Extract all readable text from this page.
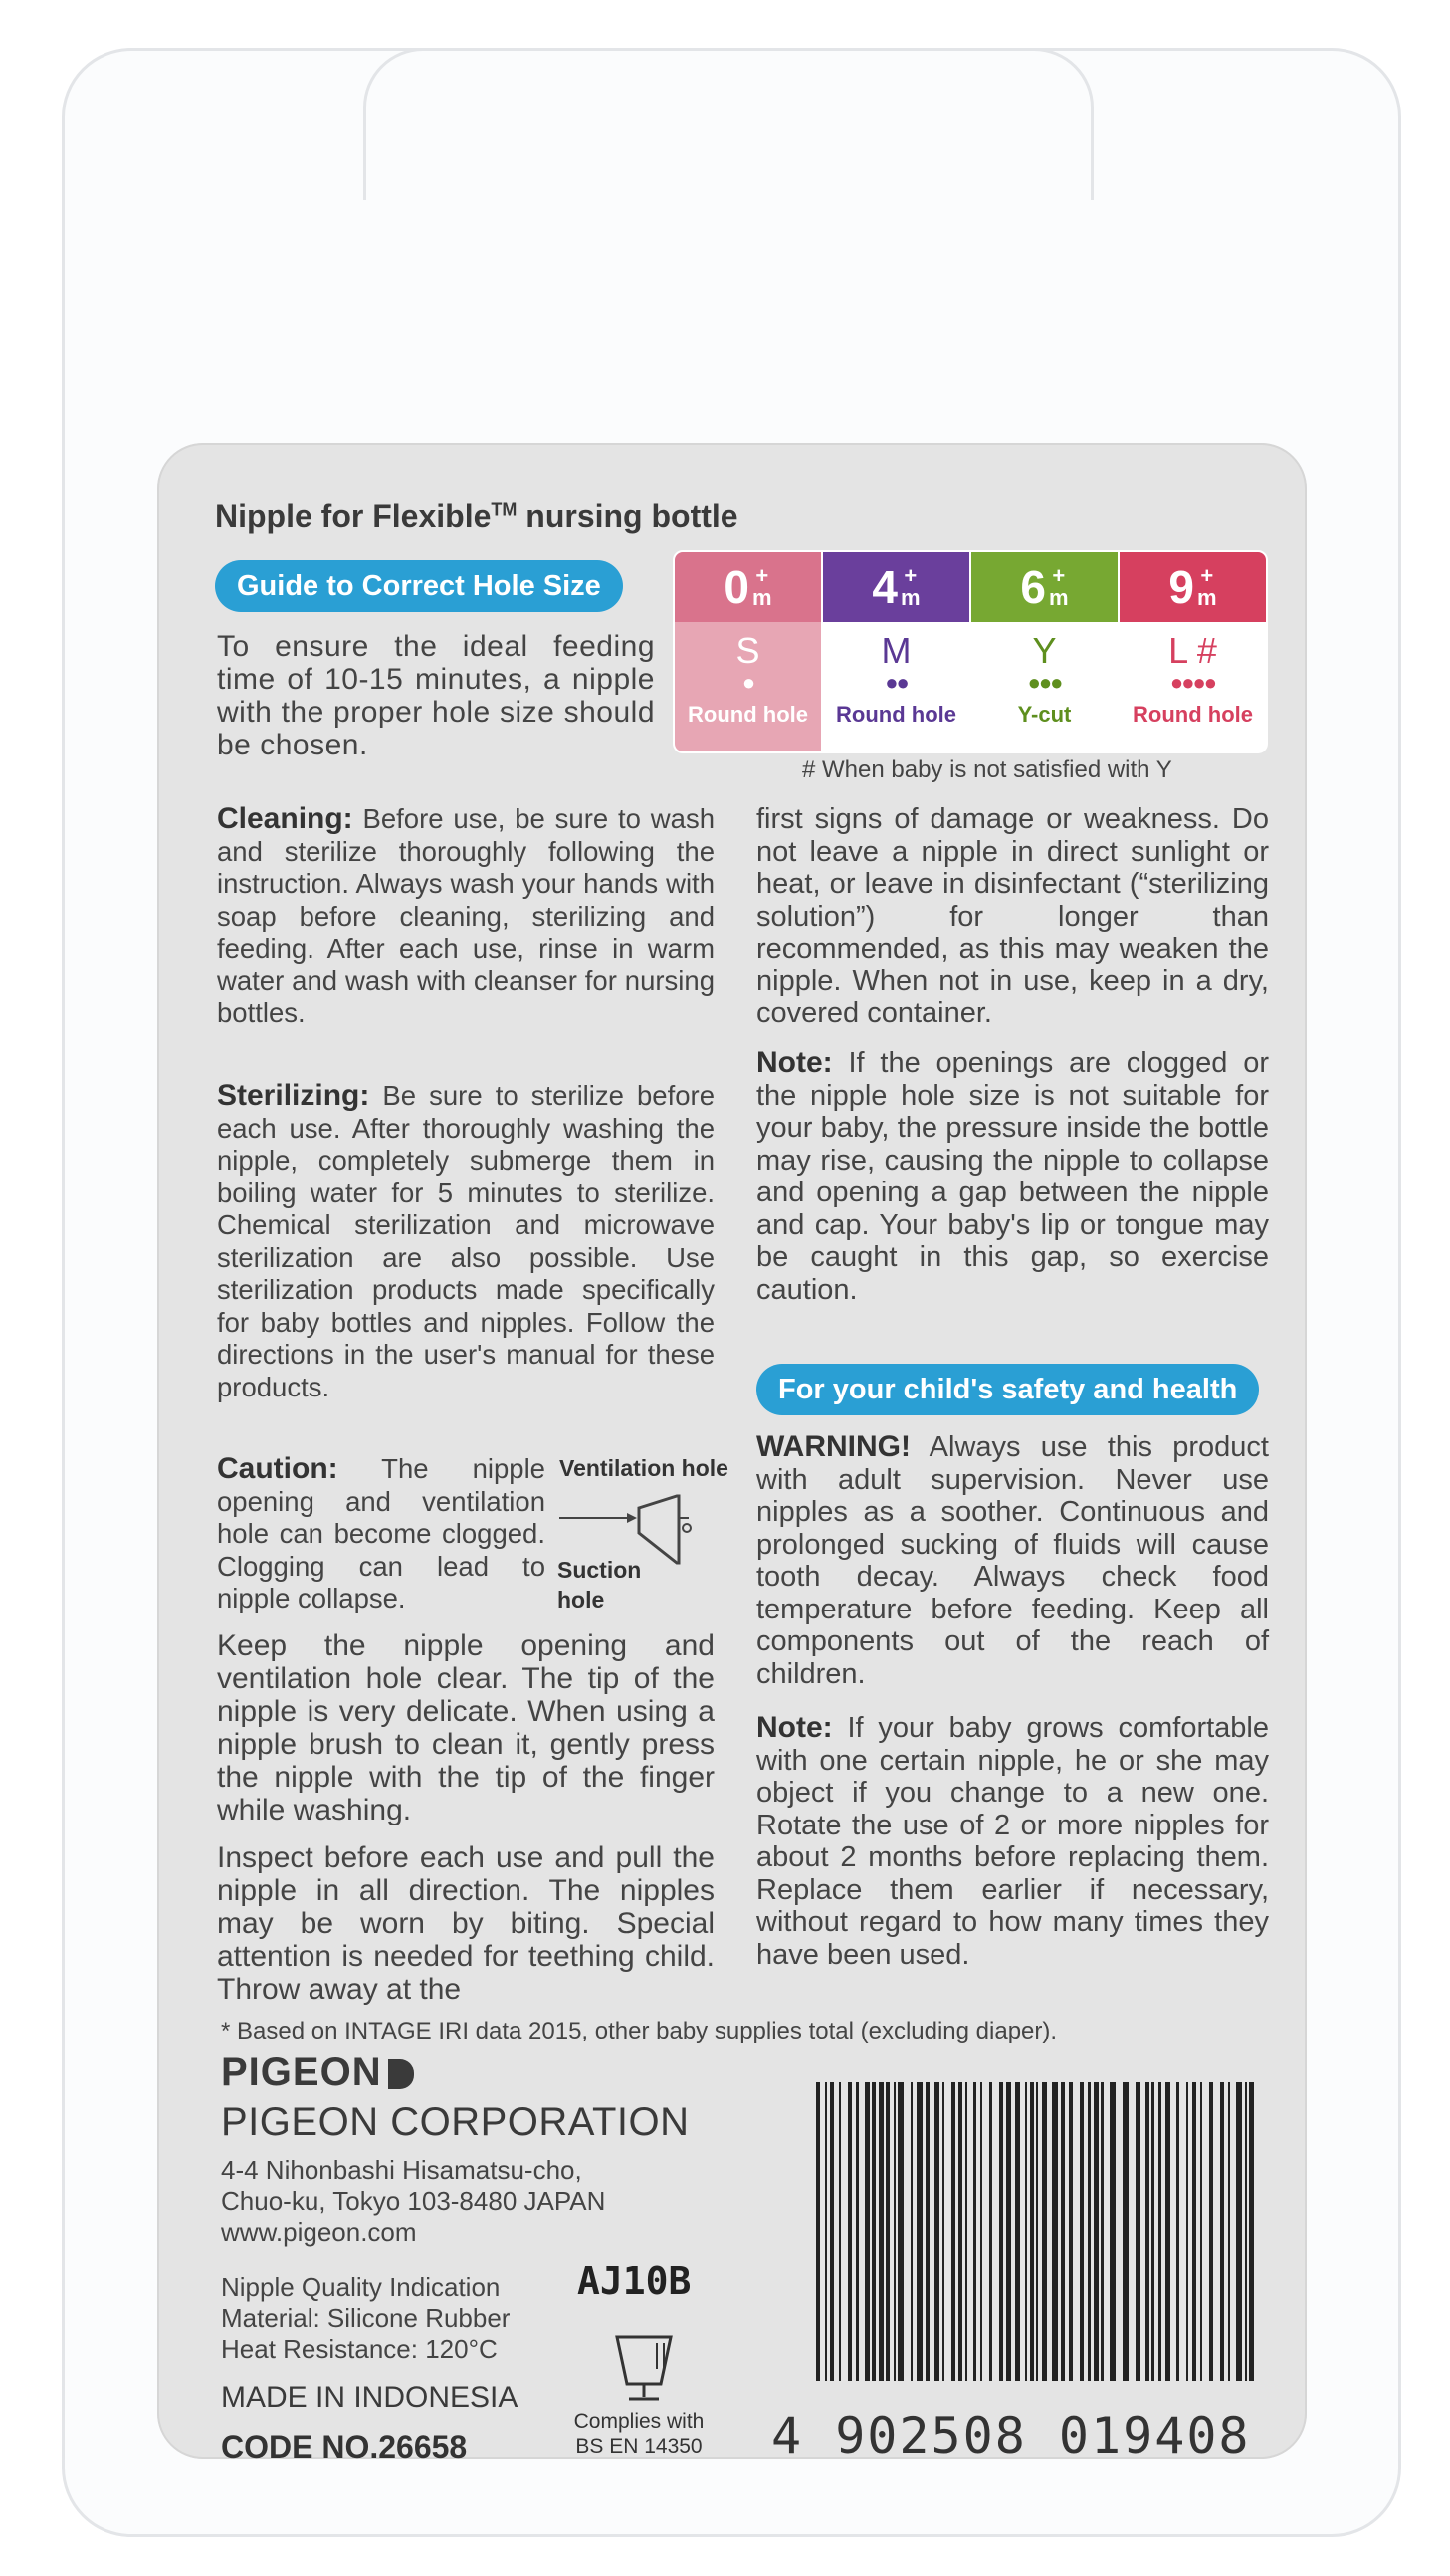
Nipple for Flexible™ nursing bottle
Guide to Correct Hole Size
To ensure the ideal feeding time of 10-15 minutes, a nipple with the proper hole size should be chosen.
0 +
m
S
●
Round hole
4 +
m
M
●●
Round hole
6 +
m
Y
●●●
Y-cut
9 +
m
L #
●●●●
Round hole
# When baby is not satisfied with Y
Cleaning: Before use, be sure to wash and sterilize thoroughly following the instruction. Always wash your hands with soap before cleaning, sterilizing and feeding. After each use, rinse in warm water and wash with cleanser for nursing bottles.
Sterilizing: Be sure to sterilize before each use. After thoroughly washing the nipple, completely submerge them in boiling water for 5 minutes to sterilize. Chemical sterilization and microwave sterilization are also possible. Use sterilization products made specifically for baby bottles and nipples. Follow the directions in the user's manual for these products.
Caution: The nipple opening and ventilation hole can become clogged. Clogging can lead to nipple collapse.
Ventilation hole
Suction hole
Keep the nipple opening and ventilation hole clear. The tip of the nipple is very delicate. When using a nipple brush to clean it, gently press the nipple with the tip of the finger while washing.
Inspect before each use and pull the nipple in all direction. The nipples may be worn by biting. Special attention is needed for teething child. Throw away at the
first signs of damage or weakness. Do not leave a nipple in direct sunlight or heat, or leave in disinfectant (“sterilizing solution”) for longer than recommended, as this may weaken the nipple. When not in use, keep in a dry, covered container.
Note: If the openings are clogged or the nipple hole size is not suitable for your baby, the pressure inside the bottle may rise, causing the nipple to collapse and opening a gap between the nipple and cap. Your baby's lip or tongue may be caught in this gap, so exercise caution.
For your child's safety and health
WARNING! Always use this product with adult supervision. Never use nipples as a soother. Continuous and prolonged sucking of fluids will cause tooth decay. Always check food temperature before feeding. Keep all components out of the reach of children.
Note: If your baby grows comfortable with one certain nipple, he or she may object if you change to a new one. Rotate the use of 2 or more nipples for about 2 months before replacing them. Replace them earlier if necessary, without regard to how many times they have been used.
* Based on INTAGE IRI data 2015, other baby supplies total (excluding diaper).
PIGEON
PIGEON CORPORATION
4-4 Nihonbashi Hisamatsu-cho,
Chuo-ku, Tokyo 103-8480 JAPAN
www.pigeon.com
Nipple Quality Indication
Material: Silicone Rubber
Heat Resistance: 120°C
AJ10B
MADE IN INDONESIA
CODE NO.26658
Complies with
BS EN 14350 4 902508 019408
